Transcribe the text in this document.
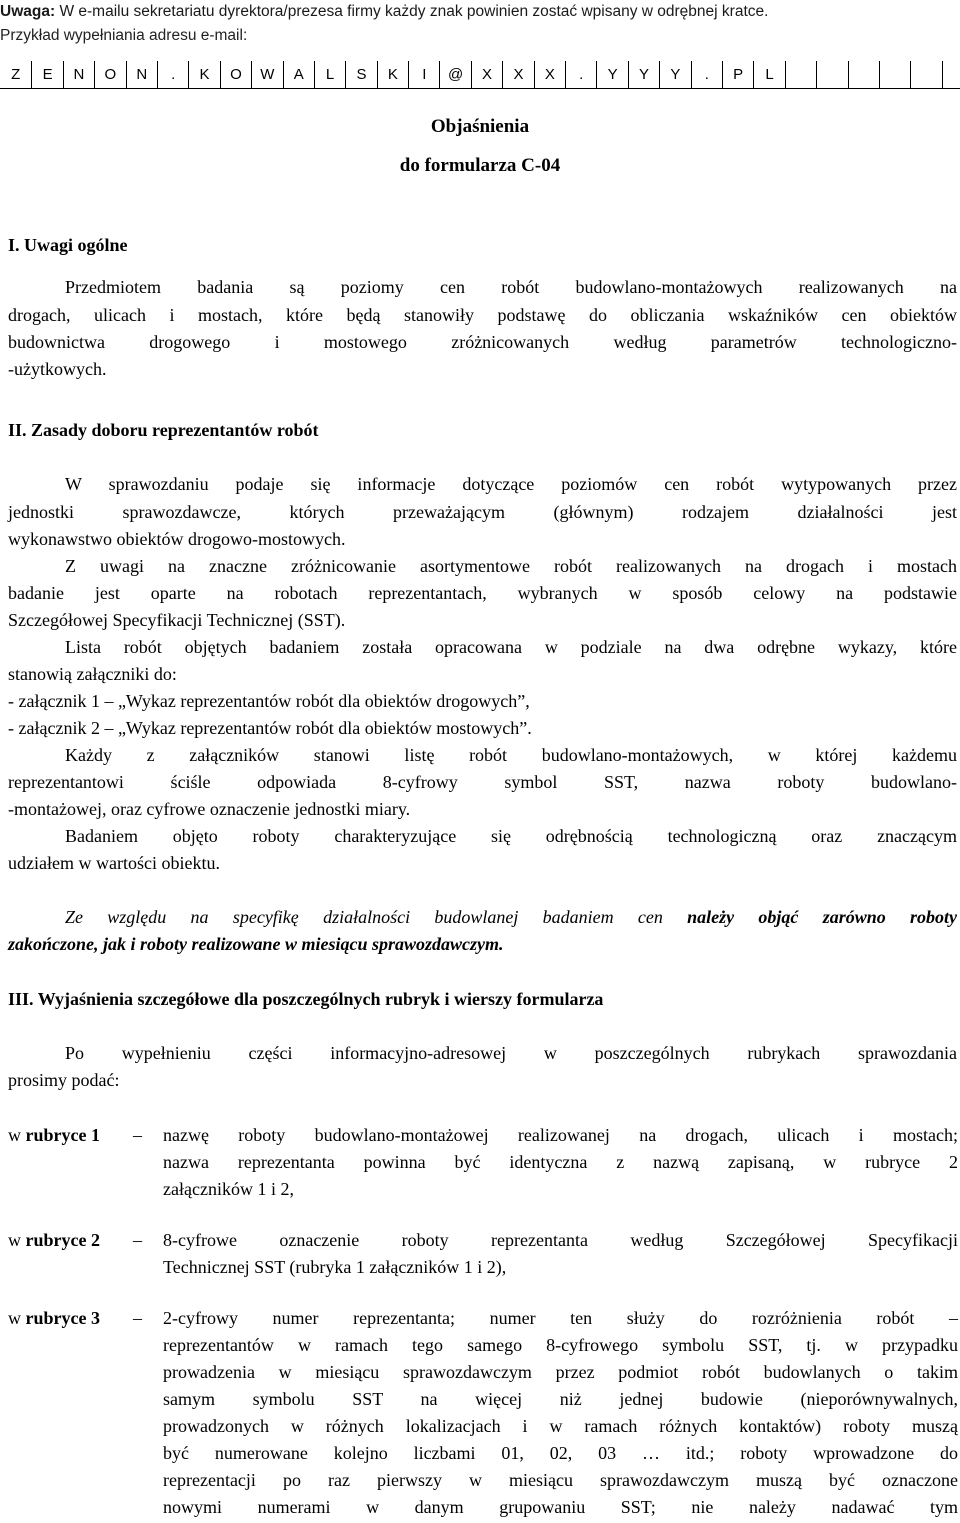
Uwaga: W e-mailu sekretariatu dyrektora/prezesa firmy każdy znak powinien zostać wpisany w odrębnej kratce.
Przykład wypełniania adresu e-mail:
Z	E	N	O	N	.	K	O	W	A	L	S	K	I	@	X	X	X	.	Y	Y	Y	.	P	L
Objaśnienia
do formularza C-04
I. Uwagi ogólne
Przedmiotem badania są poziomy cen robót budowlano-montażowych realizowanych na
drogach, ulicach i mostach, które będą stanowiły podstawę do obliczania wskaźników cen obiektów
budownictwa drogowego i mostowego zróżnicowanych według parametrów technologiczno-
-użytkowych.
II. Zasady doboru reprezentantów robót
W sprawozdaniu podaje się informacje dotyczące poziomów cen robót wytypowanych przez
jednostki sprawozdawcze, których przeważającym (głównym) rodzajem działalności jest
wykonawstwo obiektów drogowo-mostowych.
Z uwagi na znaczne zróżnicowanie asortymentowe robót realizowanych na drogach i mostach
badanie jest oparte na robotach reprezentantach, wybranych w sposób celowy na podstawie
Szczegółowej Specyfikacji Technicznej (SST).
Lista robót objętych badaniem została opracowana w podziale na dwa odrębne wykazy, które
stanowią załączniki do:
- załącznik 1 – „Wykaz reprezentantów robót dla obiektów drogowych”,
- załącznik 2 – „Wykaz reprezentantów robót dla obiektów mostowych”.
Każdy z załączników stanowi listę robót budowlano-montażowych, w której każdemu
reprezentantowi ściśle odpowiada 8-cyfrowy symbol SST, nazwa roboty budowlano-
-montażowej, oraz cyfrowe oznaczenie jednostki miary.
Badaniem objęto roboty charakteryzujące się odrębnością technologiczną oraz znaczącym
udziałem w wartości obiektu.
Ze względu na specyfikę działalności budowlanej badaniem cen należy objąć zarówno roboty
zakończone, jak i roboty realizowane w miesiącu sprawozdawczym.
III. Wyjaśnienia szczegółowe dla poszczególnych rubryk i wierszy formularza
Po wypełnieniu części informacyjno-adresowej w poszczególnych rubrykach sprawozdania
prosimy podać:
w rubryce 1 – nazwę roboty budowlano-montażowej realizowanej na drogach, ulicach i mostach;
nazwa reprezentanta powinna być identyczna z nazwą zapisaną, w rubryce 2
załączników 1 i 2,
w rubryce 2 – 8-cyfrowe oznaczenie roboty reprezentanta według Szczegółowej Specyfikacji
Technicznej SST (rubryka 1 załączników 1 i 2),
w rubryce 3 – 2-cyfrowy numer reprezentanta; numer ten służy do rozróżnienia robót –
reprezentantów w ramach tego samego 8-cyfrowego symbolu SST, tj. w przypadku
prowadzenia w miesiącu sprawozdawczym przez podmiot robót budowlanych o takim
samym symbolu SST na więcej niż jednej budowie (nieporównywalnych,
prowadzonych w różnych lokalizacjach i w ramach różnych kontaktów) roboty muszą
być numerowane kolejno liczbami 01, 02, 03 … itd.; roboty wprowadzone do
reprezentacji po raz pierwszy w miesiącu sprawozdawczym muszą być oznaczone
nowymi numerami w danym grupowaniu SST; nie należy nadawać tym
